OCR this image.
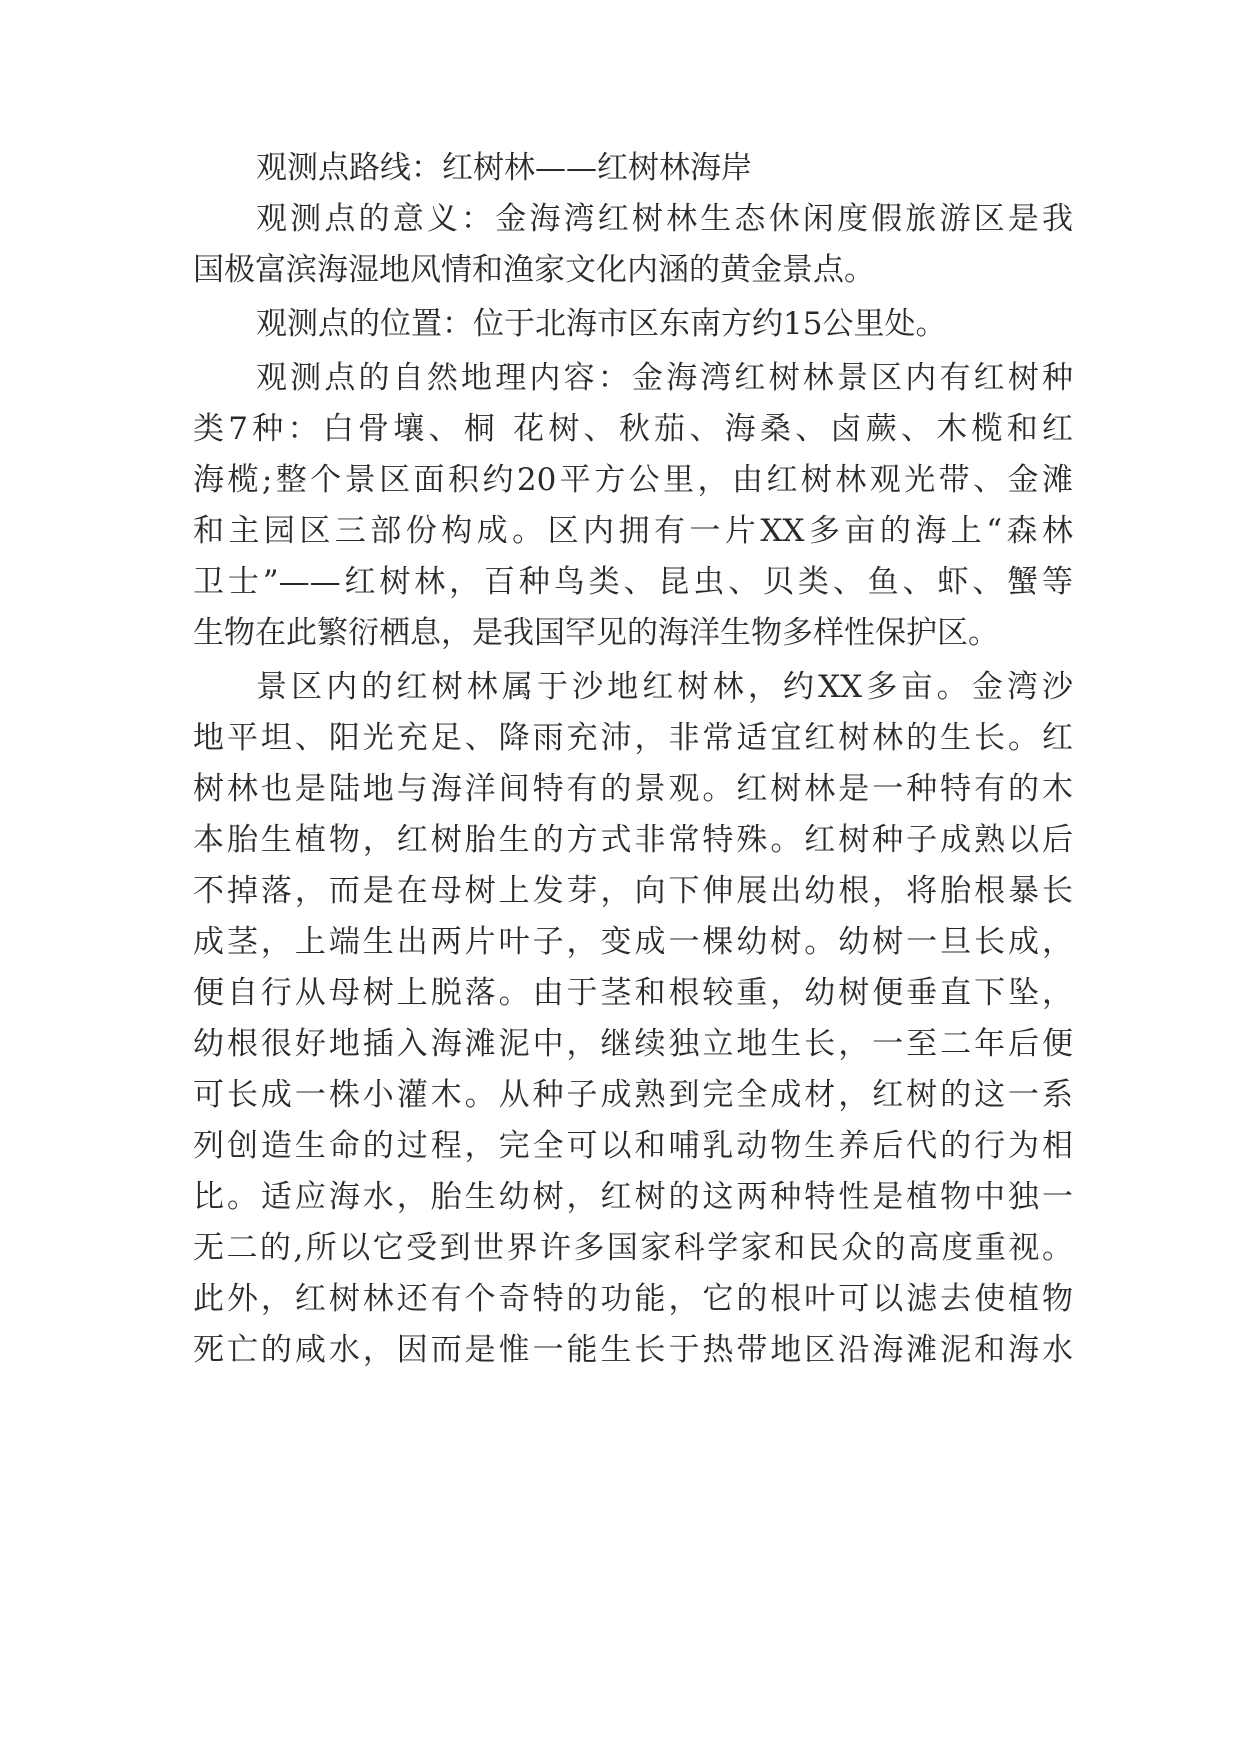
观测点路线：红树林——红树林海岸

观测点的意义：金海湾红树林生态休闲度假旅游区是我

国极富滨海湿地风情和渔家文化内涵的黄金景点。

观测点的位置：位于北海市区东南方约15公里处。

观测点的自然地理内容：金海湾红树林景区内有红树种

类7种：白骨壤、桐 花树、秋茄、海桑、卤蕨、木榄和红

海榄;整个景区面积约20平方公里，由红树林观光带、金滩

和主园区三部份构成。区内拥有一片XX多亩的海上“森林

卫士”——红树林，百种鸟类、昆虫、贝类、鱼、虾、蟹等

生物在此繁衍栖息，是我国罕见的海洋生物多样性保护区。

景区内的红树林属于沙地红树林，约XX多亩。金湾沙

地平坦、阳光充足、降雨充沛，非常适宜红树林的生长。红

树林也是陆地与海洋间特有的景观。红树林是一种特有的木

本胎生植物，红树胎生的方式非常特殊。红树种子成熟以后

不掉落，而是在母树上发芽，向下伸展出幼根，将胎根暴长

成茎，上端生出两片叶子，变成一棵幼树。幼树一旦长成，

便自行从母树上脱落。由于茎和根较重，幼树便垂直下坠，

幼根很好地插入海滩泥中，继续独立地生长，一至二年后便

可长成一株小灌木。从种子成熟到完全成材，红树的这一系

列创造生命的过程，完全可以和哺乳动物生养后代的行为相

比。适应海水，胎生幼树，红树的这两种特性是植物中独一

无二的,所以它受到世界许多国家科学家和民众的高度重视。

此外，红树林还有个奇特的功能，它的根叶可以滤去使植物

死亡的咸水，因而是惟一能生长于热带地区沿海滩泥和海水
